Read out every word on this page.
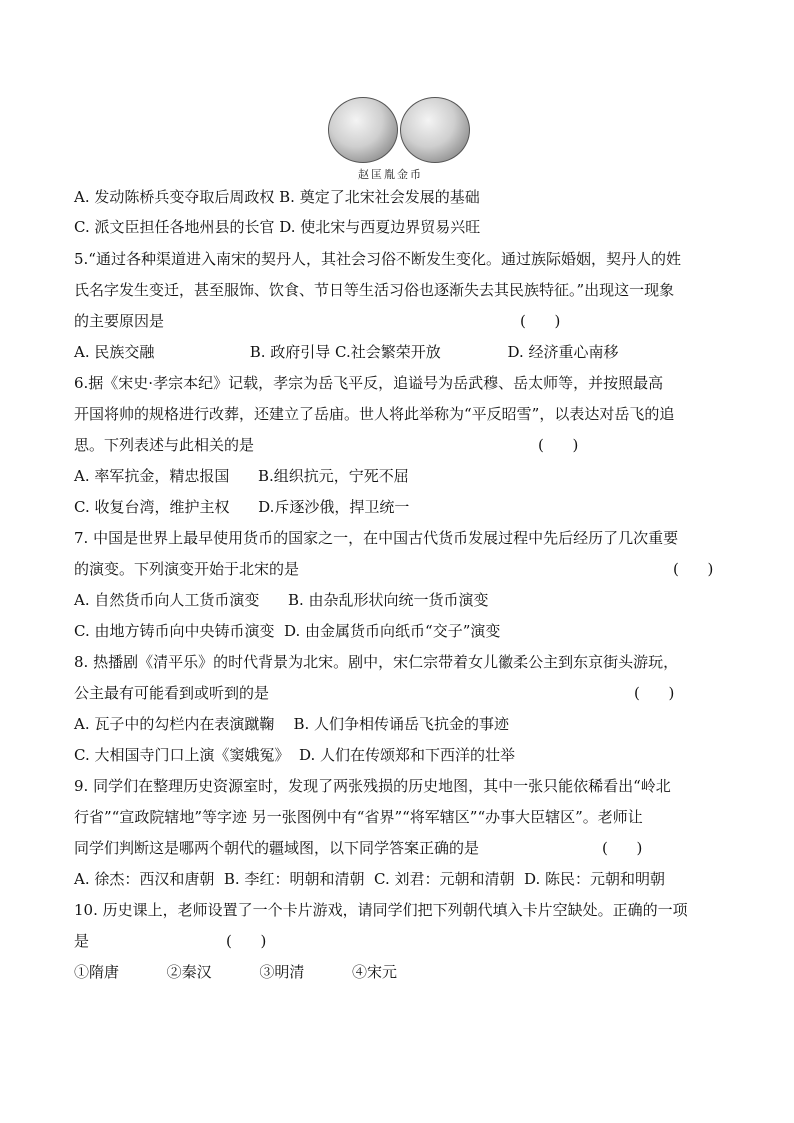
赵匡胤金币
A. 发动陈桥兵变夺取后周政权 B. 奠定了北宋社会发展的基础
C. 派文臣担任各地州县的长官 D. 使北宋与西夏边界贸易兴旺
5.“通过各种渠道进入南宋的契丹人，其社会习俗不断发生变化。通过族际婚姻，契丹人的姓
氏名字发生变迁，甚至服饰、饮食、节日等生活习俗也逐渐失去其民族特征。”出现这一现象
的主要原因是	(      )
A. 民族交融                    B. 政府引导 C.社会繁荣开放              D. 经济重心南移
6.据《宋史·孝宗本纪》记载，孝宗为岳飞平反，追谥号为岳武穆、岳太师等，并按照最高
开国将帅的规格进行改葬，还建立了岳庙。世人将此举称为“平反昭雪”，以表达对岳飞的追
思。下列表述与此相关的是	(      )
A. 率军抗金，精忠报国      B.组织抗元，宁死不屈
C. 收复台湾，维护主权      D.斥逐沙俄，捍卫统一
7. 中国是世界上最早使用货币的国家之一，在中国古代货币发展过程中先后经历了几次重要
的演变。下列演变开始于北宋的是	(      )
A. 自然货币向人工货币演变      B. 由杂乱形状向统一货币演变
C. 由地方铸币向中央铸币演变  D. 由金属货币向纸币“交子”演变
8. 热播剧《清平乐》的时代背景为北宋。剧中，宋仁宗带着女儿徽柔公主到东京街头游玩，
公主最有可能看到或听到的是	(      )
A. 瓦子中的勾栏内在表演蹴鞠    B. 人们争相传诵岳飞抗金的事迹
C. 大相国寺门口上演《窦娥冤》  D. 人们在传颂郑和下西洋的壮举
9. 同学们在整理历史资源室时，发现了两张残损的历史地图，其中一张只能依稀看出“岭北
行省”“宣政院辖地”等字迹 另一张图例中有“省界”“将军辖区”“办事大臣辖区”。老师让
同学们判断这是哪两个朝代的疆域图，以下同学答案正确的是	(      )
A. 徐杰：西汉和唐朝  B. 李红：明朝和清朝  C. 刘君：元朝和清朝  D. 陈民：元朝和明朝
10. 历史课上，老师设置了一个卡片游戏，请同学们把下列朝代填入卡片空缺处。正确的一项
是	(      )
①隋唐          ②秦汉          ③明清          ④宋元
